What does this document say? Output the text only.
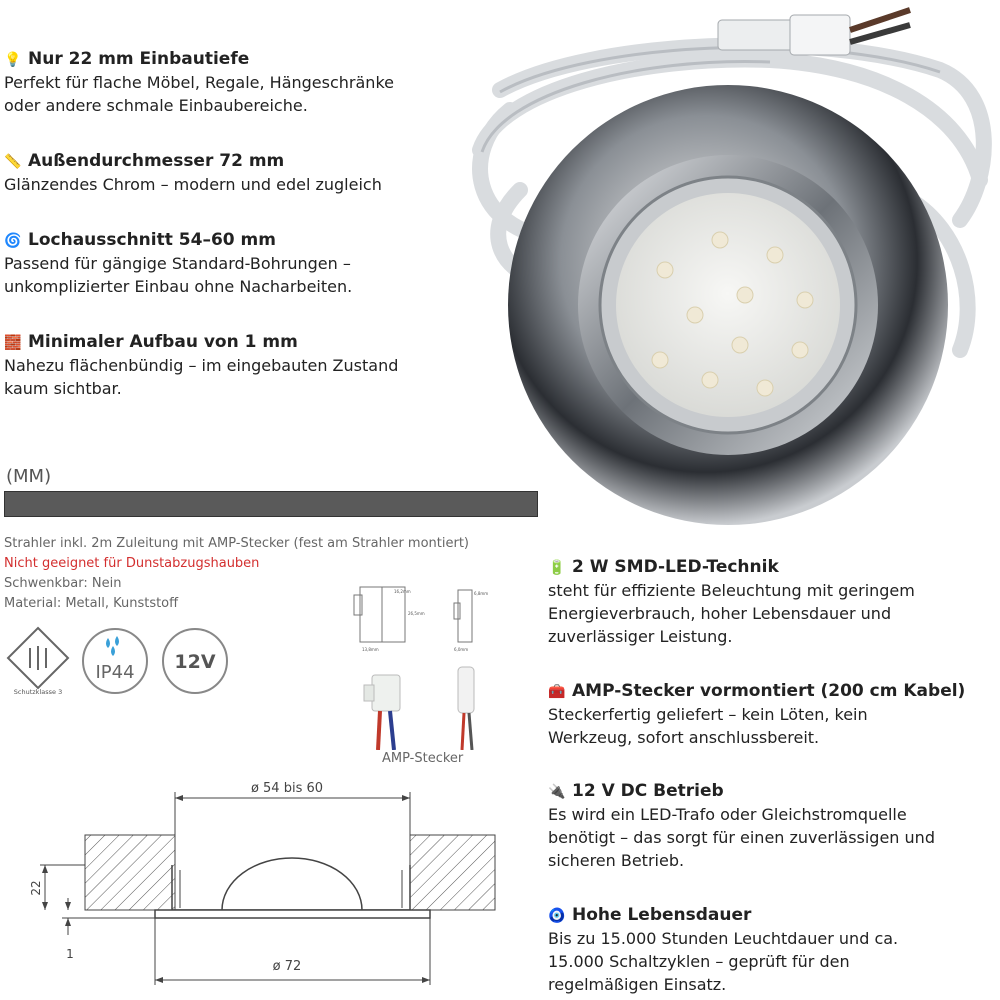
💡 Nur 22 mm Einbautiefe
Perfekt für flache Möbel, Regale, Hängeschränke
oder andere schmale Einbaubereiche.
📏 Außendurchmesser 72 mm
Glänzendes Chrom – modern und edel zugleich
🌀 Lochausschnitt 54–60 mm
Passend für gängige Standard-Bohrungen –
unkomplizierter Einbau ohne Nacharbeiten.
🧱 Minimaler Aufbau von 1 mm
Nahezu flächenbündig – im eingebauten Zustand
kaum sichtbar.
(MM)
Strahler inkl. 2m Zuleitung mit AMP-Stecker (fest am Strahler montiert)
Nicht geeignet für Dunstabzugshauben
Schwenkbar: Nein
Material: Metall, Kunststoff
Schutzklasse 3
IP44 12V
16,2mm
13,8mm
26,5mm
6,8mm
6,0mm
AMP-Stecker
ø 54 bis 60
22
1
ø 72
🔋 2 W SMD-LED-Technik
steht für effiziente Beleuchtung mit geringem
Energieverbrauch, hoher Lebensdauer und
zuverlässiger Leistung.
🧰 AMP-Stecker vormontiert (200 cm Kabel)
Steckerfertig geliefert – kein Löten, kein
Werkzeug, sofort anschlussbereit.
🔌 12 V DC Betrieb
Es wird ein LED-Trafo oder Gleichstromquelle
benötigt – das sorgt für einen zuverlässigen und
sicheren Betrieb.
🧿 Hohe Lebensdauer
Bis zu 15.000 Stunden Leuchtdauer und ca.
15.000 Schaltzyklen – geprüft für den
regelmäßigen Einsatz.
